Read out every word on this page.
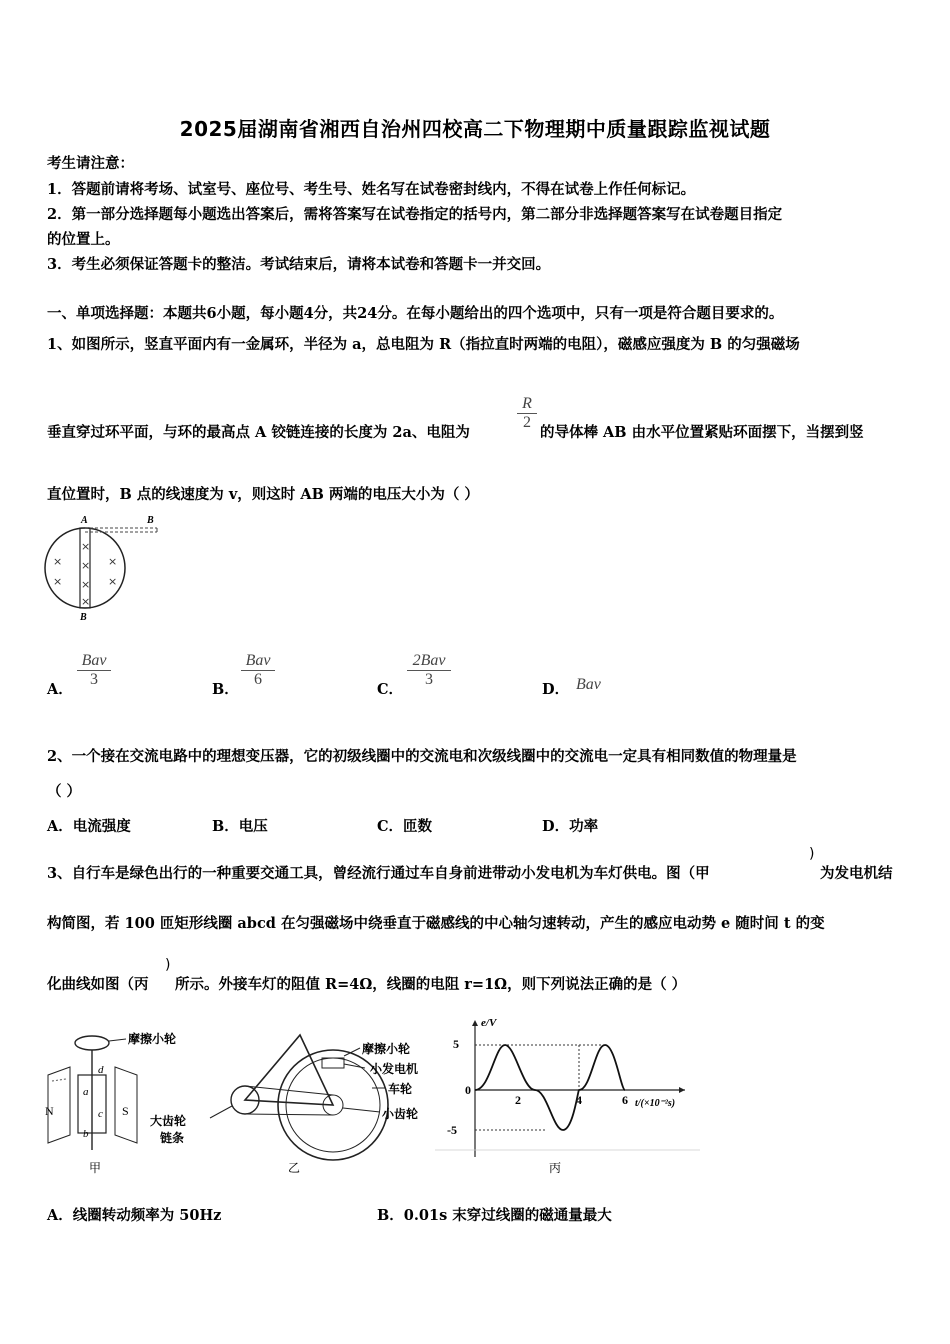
2025届湖南省湘西自治州四校高二下物理期中质量跟踪监视试题
考生请注意：
1．答题前请将考场、试室号、座位号、考生号、姓名写在试卷密封线内，不得在试卷上作任何标记。
2．第一部分选择题每小题选出答案后，需将答案写在试卷指定的括号内，第二部分非选择题答案写在试卷题目指定
的位置上。
3．考生必须保证答题卡的整洁。考试结束后，请将本试卷和答题卡一并交回。
一、单项选择题：本题共6小题，每小题4分，共24分。在每小题给出的四个选项中，只有一项是符合题目要求的。
1、如图所示，竖直平面内有一金属环，半径为 a，总电阻为 R（指拉直时两端的电阻），磁感应强度为 B 的匀强磁场
垂直穿过环平面，与环的最高点 A 铰链连接的长度为 2a、电阻为
$\frac{R}{2}$
的导体棒 AB 由水平位置紧贴环面摆下，当摆到竖
直位置时，B 点的线速度为 v，则这时 AB 两端的电压大小为（ ）
A	B
B
×
×
×
×
×
×
×
×
A．
Bav
3
B．
Bav
6
C．
2Bav
3
D． Bav
2、一个接在交流电路中的理想变压器，它的初级线圈中的交流电和次级线圈中的交流电一定具有相同数值的物理量是
（ ）
A．电流强度	B．电压	C．匝数	D．功率
3、自行车是绿色出行的一种重要交通工具，曾经流行通过车自身前进带动小发电机为车灯供电。图（甲
)
为发电机结
构简图，若 100 匝矩形线圈 abcd 在匀强磁场中绕垂直于磁感线的中心轴匀速转动，产生的感应电动势 e 随时间 t 的变
化曲线如图（丙
)
所示。外接车灯的阻值 R=4Ω，线圈的电阻 r=1Ω，则下列说法正确的是（ ）
摩擦小轮
N	S
a
b
c
d
甲
摩擦小轮
小发电机
车轮
小齿轮
大齿轮
链条
乙
e/V
t/(×10⁻²s)
5
0
-5
2	4	6
丙
A．线圈转动频率为 50Hz	B．0.01s 末穿过线圈的磁通量最大
